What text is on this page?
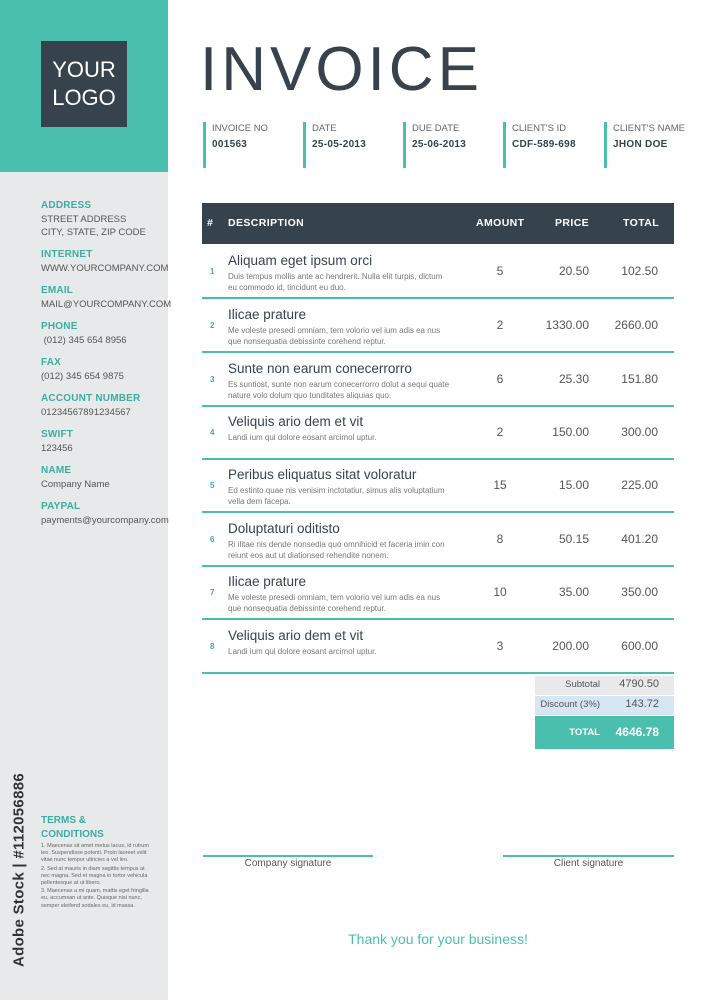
YOUR
LOGO
ADDRESS
STREET ADDRESS
CITY, STATE, ZIP CODE
INTERNET
WWW.YOURCOMPANY.COM
EMAIL
MAIL@YOURCOMPANY.COM
PHONE
(012) 345 654 8956
FAX
(012) 345 654 9875
ACCOUNT NUMBER
01234567891234567
SWIFT
123456
NAME
Company Name
PAYPAL
payments@yourcompany.com
Adobe Stock | #112056886 TERMS & CONDITIONS
1. Maecenas sit amet metus lacus, id rutrum leo. Suspendisse potenti. Proin laoreet velit vitae nunc tempor ultricies a vel leo.
2. Sed at mauris in diam sagittis tempus at nec magna. Sed et magna in tortor vehicula pellentesque at ut libero.
3. Maecenas a mi quam, mattis eget fringilla eu, accumsan ut ante. Quisque nisi nunc, semper eleifend sodales eu, id massa.
INVOICE
INVOICE NO
001563
DATE
25-05-2013
DUE DATE
25-06-2013
CLIENT'S ID
CDF-589-698
CLIENT'S NAME
JHON DOE
# DESCRIPTION	AMOUNT	PRICE	TOTAL
1
Aliquam eget ipsum orci
Duis tempus mollis ante ac hendrerit. Nulla elit turpis, dictum eu commodo id, tincidunt eu duo.
5	20.50	102.50
2
Ilicae prature
Me voleste presedi omniam, tem volorio vel ium adis ea nus que nonsequatia debissinte corehend reptur.
2	1330.00	2660.00
3
Sunte non earum conecerrorro
Es suntiost, sunte non earum conecerrorro dolut a sequi quate nature volo dolum quo tunditates aliquias quo.
6	25.30	151.80
4
Veliquis ario dem et vit
Landi ium qui dolore eosant arcimol uptur.	2	150.00	300.00
5
Peribus eliquatus sitat voloratur
Ed estinto quae nis venisim inctotatiur, simus alis voluptatium vella dem facepa.
15	15.00	225.00
6
Doluptaturi oditisto
Ri ilitae nis dende nonsedia quo omnihicid et faceria imin con reiunt eos aut ut diationsed rehendite nonem.
8	50.15	401.20
7
Ilicae prature
Me voleste presedi omniam, tem volorio vel ium adis ea nus que nonsequatia debissinte corehend reptur.
10	35.00	350.00
8
Veliquis ario dem et vit
Landi ium qui dolore eosant arcimol uptur.	3	200.00	600.00
Subtotal	4790.50
Discount (3%)	143.72
TOTAL	4646.78
Company signature	Client signature
Thank you for your business!
